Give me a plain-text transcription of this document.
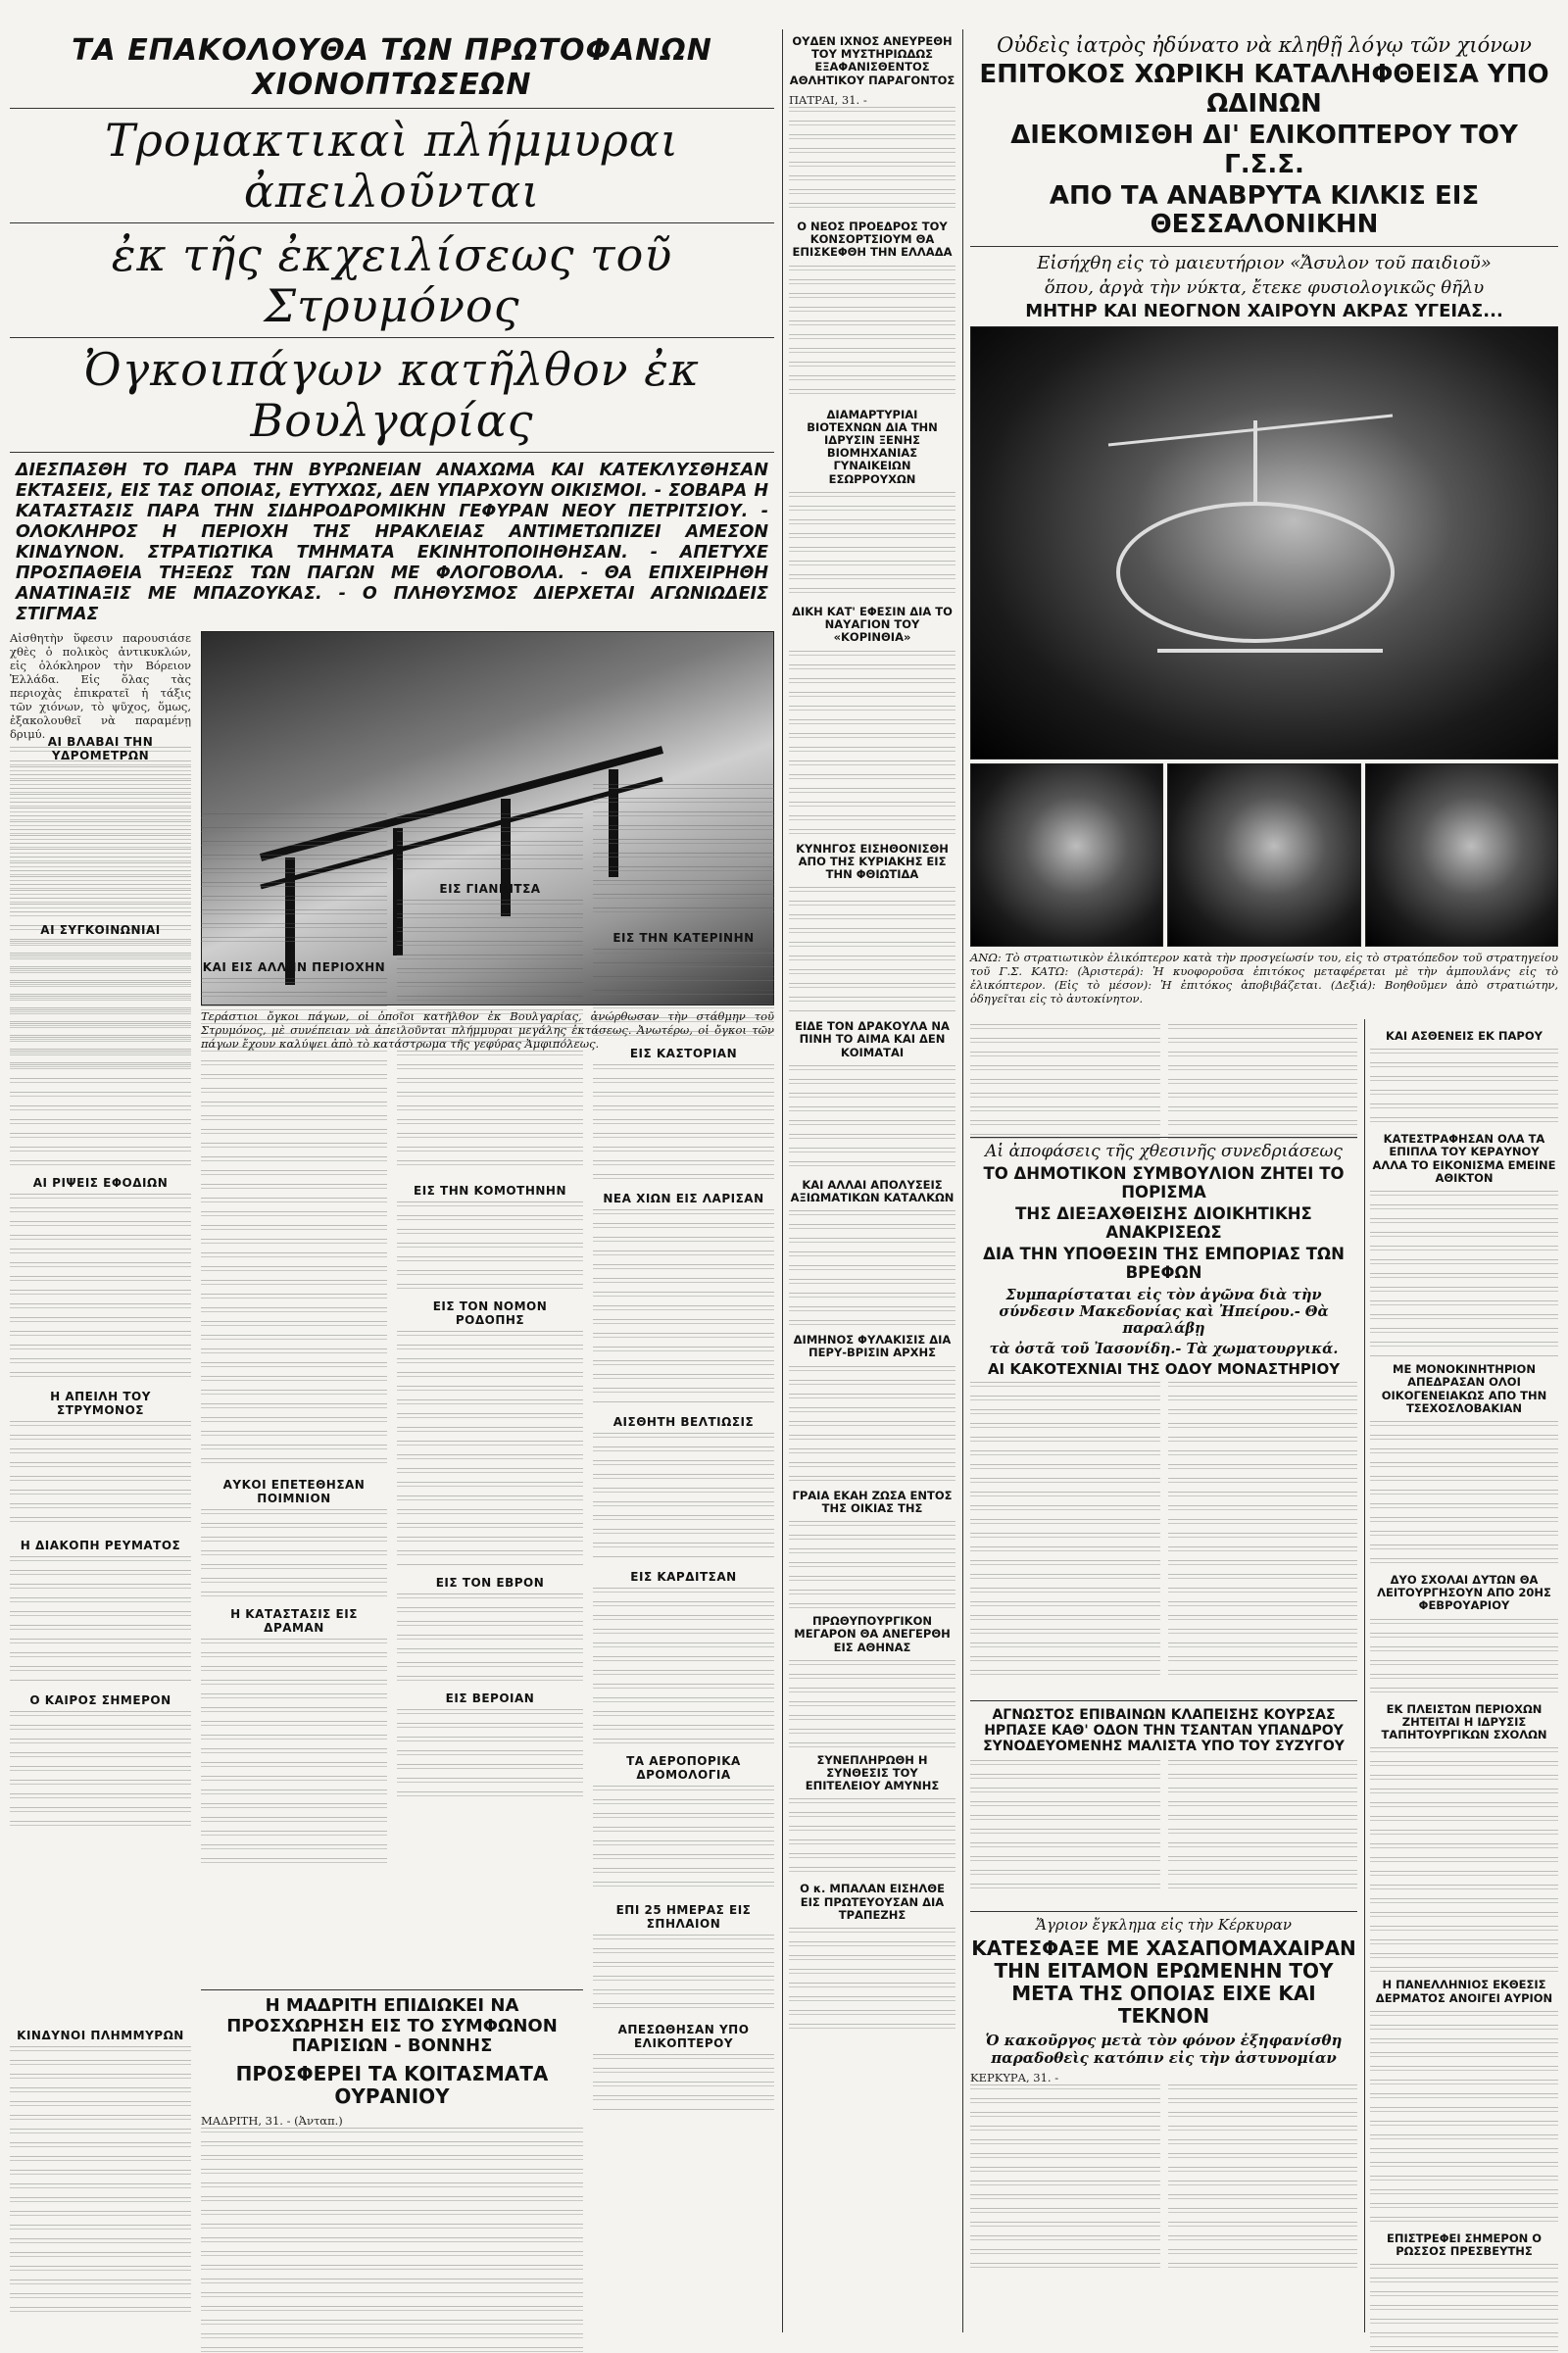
ΤΑ ΕΠΑΚΟΛΟΥΘΑ ΤΩΝ ΠΡΩΤΟΦΑΝΩΝ ΧΙΟΝΟΠΤΩΣΕΩΝ
Τρομακτικαὶ πλήμμυραι ἀπειλοῦνται
ἐκ τῆς ἐκχειλίσεως τοῦ Στρυμόνος
Ὀγκοιπάγων κατῆλθον ἐκ Βουλγαρίας
ΔΙΕΣΠΑΣΘΗ ΤΟ ΠΑΡΑ ΤΗΝ ΒΥΡΩΝΕΙΑΝ ΑΝΑΧΩΜΑ ΚΑΙ ΚΑΤΕΚΛΥΣΘΗΣΑΝ ΕΚΤΑΣΕΙΣ, ΕΙΣ ΤΑΣ ΟΠΟΙΑΣ, ΕΥΤΥΧΩΣ, ΔΕΝ ΥΠΑΡΧΟΥΝ ΟΙΚΙΣΜΟΙ. - ΣΟΒΑΡΑ Η ΚΑΤΑΣΤΑΣΙΣ ΠΑΡΑ ΤΗΝ ΣΙΔΗΡΟΔΡΟΜΙΚΗΝ ΓΕΦΥΡΑΝ ΝΕΟΥ ΠΕΤΡΙΤΣΙΟΥ. - ΟΛΟΚΛΗΡΟΣ Η ΠΕΡΙΟΧΗ ΤΗΣ ΗΡΑΚΛΕΙΑΣ ΑΝΤΙΜΕΤΩΠΙΖΕΙ ΑΜΕΣΟΝ ΚΙΝΔΥΝΟΝ. ΣΤΡΑΤΙΩΤΙΚΑ ΤΜΗΜΑΤΑ ΕΚΙΝΗΤΟΠΟΙΗΘΗΣΑΝ. - ΑΠΕΤΥΧΕ ΠΡΟΣΠΑΘΕΙΑ ΤΗΞΕΩΣ ΤΩΝ ΠΑΓΩΝ ΜΕ ΦΛΟΓΟΒΟΛΑ. - ΘΑ ΕΠΙΧΕΙΡΗΘΗ ΑΝΑΤΙΝΑΞΙΣ ΜΕ ΜΠΑΖΟΥΚΑΣ. - Ο ΠΛΗΘΥΣΜΟΣ ΔΙΕΡΧΕΤΑΙ ΑΓΩΝΙΩΔΕΙΣ ΣΤΙΓΜΑΣ
Αἰσθητὴν ὕφεσιν παρουσιάσε χθὲς ὁ πολικὸς ἀντικυκλών, εἰς ὁλόκληρον τὴν Βόρειον Ἑλλάδα. Εἰς ὅλας τὰς περιοχὰς ἐπικρατεῖ ἡ τάξις τῶν χιόνων, τὸ ψῦχος, ὅμως, ἐξακολουθεῖ νὰ παραμένῃ δριμύ.
Τεράστιοι ὄγκοι πάγων, οἱ ὁποῖοι κατῆλθον ἐκ Βουλγαρίας, ἀνώρθωσαν τὴν στάθμην τοῦ Στρυμόνος, μὲ συνέπειαν νὰ ἀπειλοῦνται πλήμμυραι μεγάλης ἐκτάσεως. Ἀνωτέρω, οἱ ὄγκοι τῶν πάγων ἔχουν καλύψει ἀπὸ τὸ κατάστρωμα τῆς γεφύρας Ἀμφιπόλεως.
ΑΙ ΒΛΑΒΑΙ ΤΗΝ ΥΔΡΟΜΕΤΡΩΝ
ΑΙ ΣΥΓΚΟΙΝΩΝΙΑΙ
ΑΙ ΡΙΨΕΙΣ ΕΦΟΔΙΩΝ
Η ΑΠΕΙΛΗ ΤΟΥ ΣΤΡΥΜΟΝΟΣ
Η ΔΙΑΚΟΠΗ ΡΕΥΜΑΤΟΣ
Ο ΚΑΙΡΟΣ ΣΗΜΕΡΟΝ
ΚΙΝΔΥΝΟΙ ΠΛΗΜΜΥΡΩΝ
ΚΑΙ ΕΙΣ ΑΛΛΗΝ ΠΕΡΙΟΧΗΝ
ΑΥΚΟΙ ΕΠΕΤΕΘΗΣΑΝ ΠΟΙΜΝΙΟΝ
Η ΚΑΤΑΣΤΑΣΙΣ ΕΙΣ ΔΡΑΜΑΝ
ΕΙΣ ΓΙΑΝΝΙΤΣΑ
ΕΙΣ ΤΗΝ ΚΟΜΟΤΗΝΗΝ
ΕΙΣ ΤΟΝ ΝΟΜΟΝ ΡΟΔΟΠΗΣ
ΕΙΣ ΤΟΝ ΕΒΡΟΝ
ΕΙΣ ΒΕΡΟΙΑΝ
ΕΙΣ ΤΗΝ ΚΑΤΕΡΙΝΗΝ
ΕΙΣ ΚΑΣΤΟΡΙΑΝ
ΝΕΑ ΧΙΩΝ ΕΙΣ ΛΑΡΙΣΑΝ
ΑΙΣΘΗΤΗ ΒΕΛΤΙΩΣΙΣ
ΕΙΣ ΚΑΡΔΙΤΣΑΝ
ΤΑ ΑΕΡΟΠΟΡΙΚΑ ΔΡΟΜΟΛΟΓΙΑ
ΕΠΙ 25 ΗΜΕΡΑΣ ΕΙΣ ΣΠΗΛΑΙΟΝ
ΑΠΕΣΩΘΗΣΑΝ ΥΠΟ ΕΛΙΚΟΠΤΕΡΟΥ
Η ΜΑΔΡΙΤΗ ΕΠΙΔΙΩΚΕΙ ΝΑ ΠΡΟΣΧΩΡΗΣΗ ΕΙΣ ΤΟ ΣΥΜΦΩΝΟΝ ΠΑΡΙΣΙΩΝ - ΒΟΝΝΗΣ
ΠΡΟΣΦΕΡΕΙ ΤΑ ΚΟΙΤΑΣΜΑΤΑ ΟΥΡΑΝΙΟΥ
ΜΑΔΡΙΤΗ, 31. - (Ἀνταπ.)
ΟΥΔΕΝ ΙΧΝΟΣ ΑΝΕΥΡΕΘΗ ΤΟΥ ΜΥΣΤΗΡΙΩΔΩΣ ΕΞΑΦΑΝΙΣΘΕΝΤΟΣ ΑΘΛΗΤΙΚΟΥ ΠΑΡΑΓΟΝΤΟΣ
ΠΑΤΡΑΙ, 31. -
Ο ΝΕΟΣ ΠΡΟΕΔΡΟΣ ΤΟΥ ΚΟΝΣΟΡΤΣΙΟΥΜ ΘΑ ΕΠΙΣΚΕΦΘΗ ΤΗΝ ΕΛΛΑΔΑ
ΔΙΑΜΑΡΤΥΡΙΑΙ ΒΙΟΤΕΧΝΩΝ ΔΙΑ ΤΗΝ ΙΔΡΥΣΙΝ ΞΕΝΗΣ ΒΙΟΜΗΧΑΝΙΑΣ ΓΥΝΑΙΚΕΙΩΝ ΕΣΩΡΡΟΥΧΩΝ
ΔΙΚΗ ΚΑΤ' ΕΦΕΣΙΝ ΔΙΑ ΤΟ ΝΑΥΑΓΙΟΝ ΤΟΥ «ΚΟΡΙΝΘΙΑ»
ΚΥΝΗΓΟΣ ΕΙΣΗΘΟΝΙΣΘΗ ΑΠΟ ΤΗΣ ΚΥΡΙΑΚΗΣ ΕΙΣ ΤΗΝ ΦΘΙΩΤΙΔΑ
ΕΙΔΕ ΤΟΝ ΔΡΑΚΟΥΛΑ ΝΑ ΠΙΝΗ ΤΟ ΑΙΜΑ ΚΑΙ ΔΕΝ ΚΟΙΜΑΤΑΙ
ΚΑΙ ΑΛΛΑΙ ΑΠΟΛΥΣΕΙΣ ΑΞΙΩΜΑΤΙΚΩΝ ΚΑΤΑΛΚΩΝ
ΔΙΜΗΝΟΣ ΦΥΛΑΚΙΣΙΣ ΔΙΑ ΠΕΡΥ-ΒΡΙΣΙΝ ΑΡΧΗΣ
ΓΡΑΙΑ ΕΚΑΗ ΖΩΣΑ ΕΝΤΟΣ ΤΗΣ ΟΙΚΙΑΣ ΤΗΣ
ΠΡΩΘΥΠΟΥΡΓΙΚΟΝ ΜΕΓΑΡΟΝ ΘΑ ΑΝΕΓΕΡΘΗ ΕΙΣ ΑΘΗΝΑΣ
ΣΥΝΕΠΛΗΡΩΘΗ Η ΣΥΝΘΕΣΙΣ ΤΟΥ ΕΠΙΤΕΛΕΙΟΥ ΑΜΥΝΗΣ
Ο κ. ΜΠΑΛΑΝ ΕΙΣΗΛΘΕ ΕΙΣ ΠΡΩΤΕΥΟΥΣΑΝ ΔΙΑ ΤΡΑΠΕΖΗΣ
Οὐδεὶς ἰατρὸς ἠδύνατο νὰ κληθῇ λόγῳ τῶν χιόνων
ΕΠΙΤΟΚΟΣ ΧΩΡΙΚΗ ΚΑΤΑΛΗΦΘΕΙΣΑ ΥΠΟ ΩΔΙΝΩΝ
ΔΙΕΚΟΜΙΣΘΗ ΔΙ' ΕΛΙΚΟΠΤΕΡΟΥ ΤΟΥ Γ.Σ.Σ.
ΑΠΟ ΤΑ ΑΝΑΒΡΥΤΑ ΚΙΛΚΙΣ ΕΙΣ ΘΕΣΣΑΛΟΝΙΚΗΝ
Εἰσήχθη εἰς τὸ μαιευτήριον «Ἄσυλον τοῦ παιδιοῦ»
ὅπου, ἀργὰ τὴν νύκτα, ἔτεκε φυσιολογικῶς θῆλυ
ΜΗΤΗΡ ΚΑΙ ΝΕΟΓΝΟΝ ΧΑΙΡΟΥΝ ΑΚΡΑΣ ΥΓΕΙΑΣ...
ΑΝΩ: Τὸ στρατιωτικὸν ἐλικόπτερον κατὰ τὴν προσγείωσίν του, εἰς τὸ στρατόπεδον τοῦ στρατηγείου τοῦ Γ.Σ. ΚΑΤΩ: (Ἀριστερά): Ἡ κυοφοροῦσα ἐπιτόκος μεταφέρεται μὲ τὴν ἀμπουλάνς εἰς τὸ ἐλικόπτερον. (Εἰς τὸ μέσον): Ἡ ἐπιτόκος ἀποβιβάζεται. (Δεξιά): Βοηθοῦμεν ἀπὸ στρατιώτην, ὁδηγεῖται εἰς τὸ ἀυτοκίνητον.
ΚΑΙ ΑΣΘΕΝΕΙΣ ΕΚ ΠΑΡΟΥ
ΚΑΤΕΣΤΡΑΦΗΣΑΝ ΟΛΑ ΤΑ ΕΠΙΠΛΑ ΤΟΥ ΚΕΡΑΥΝΟΥ ΑΛΛΑ ΤΟ ΕΙΚΟΝΙΣΜΑ ΕΜΕΙΝΕ ΑΘΙΚΤΟΝ
ΜΕ ΜΟΝΟΚΙΝΗΤΗΡΙΟΝ ΑΠΕΔΡΑΣΑΝ ΟΛΟΙ ΟΙΚΟΓΕΝΕΙΑΚΩΣ ΑΠΟ ΤΗΝ ΤΣΕΧΟΣΛΟΒΑΚΙΑΝ
ΔΥΟ ΣΧΟΛΑΙ ΔΥΤΩΝ ΘΑ ΛΕΙΤΟΥΡΓΗΣΟΥΝ ΑΠΟ 20ΗΣ ΦΕΒΡΟΥΑΡΙΟΥ
ΕΚ ΠΛΕΙΣΤΩΝ ΠΕΡΙΟΧΩΝ ΖΗΤΕΙΤΑΙ Η ΙΔΡΥΣΙΣ ΤΑΠΗΤΟΥΡΓΙΚΩΝ ΣΧΟΛΩΝ
Η ΠΑΝΕΛΛΗΝΙΟΣ ΕΚΘΕΣΙΣ ΔΕΡΜΑΤΟΣ ΑΝΟΙΓΕΙ ΑΥΡΙΟΝ
ΕΠΙΣΤΡΕΦΕΙ ΣΗΜΕΡΟΝ Ο ΡΩΣΣΟΣ ΠΡΕΣΒΕΥΤΗΣ
Αἱ ἀποφάσεις τῆς χθεσινῆς συνεδριάσεως
ΤΟ ΔΗΜΟΤΙΚΟΝ ΣΥΜΒΟΥΛΙΟΝ ΖΗΤΕΙ ΤΟ ΠΟΡΙΣΜΑ
ΤΗΣ ΔΙΕΞΑΧΘΕΙΣΗΣ ΔΙΟΙΚΗΤΙΚΗΣ ΑΝΑΚΡΙΣΕΩΣ
ΔΙΑ ΤΗΝ ΥΠΟΘΕΣΙΝ ΤΗΣ ΕΜΠΟΡΙΑΣ ΤΩΝ ΒΡΕΦΩΝ
Συμπαρίσταται εἰς τὸν ἀγῶνα διὰ τὴν σύνδεσιν Μακεδονίας καὶ Ἠπείρου.- Θὰ παραλάβῃ
τὰ ὀστᾶ τοῦ Ἰασονίδη.- Τὰ χωματουργικά.
ΑΙ ΚΑΚΟΤΕΧΝΙΑΙ ΤΗΣ ΟΔΟΥ ΜΟΝΑΣΤΗΡΙΟΥ
ΑΓΝΩΣΤΟΣ ΕΠΙΒΑΙΝΩΝ ΚΛΑΠΕΙΣΗΣ ΚΟΥΡΣΑΣ ΗΡΠΑΣΕ ΚΑΘ' ΟΔΟΝ ΤΗΝ ΤΣΑΝΤΑΝ ΥΠΑΝΔΡΟΥ ΣΥΝΟΔΕΥΟΜΕΝΗΣ ΜΑΛΙΣΤΑ ΥΠΟ ΤΟΥ ΣΥΖΥΓΟΥ
Ἄγριον ἔγκλημα εἰς τὴν Κέρκυραν
ΚΑΤΕΣΦΑΞΕ ΜΕ ΧΑΣΑΠΟΜΑΧΑΙΡΑΝ ΤΗΝ ΕΙΤΑΜΟΝ ΕΡΩΜΕΝΗΝ ΤΟΥ ΜΕΤΑ ΤΗΣ ΟΠΟΙΑΣ ΕΙΧΕ ΚΑΙ ΤΕΚΝΟΝ
Ὁ κακοῦργος μετὰ τὸν φόνον ἐξηφανίσθη παραδοθεὶς κατόπιν εἰς τὴν ἀστυνομίαν
ΚΕΡΚΥΡΑ, 31. -
